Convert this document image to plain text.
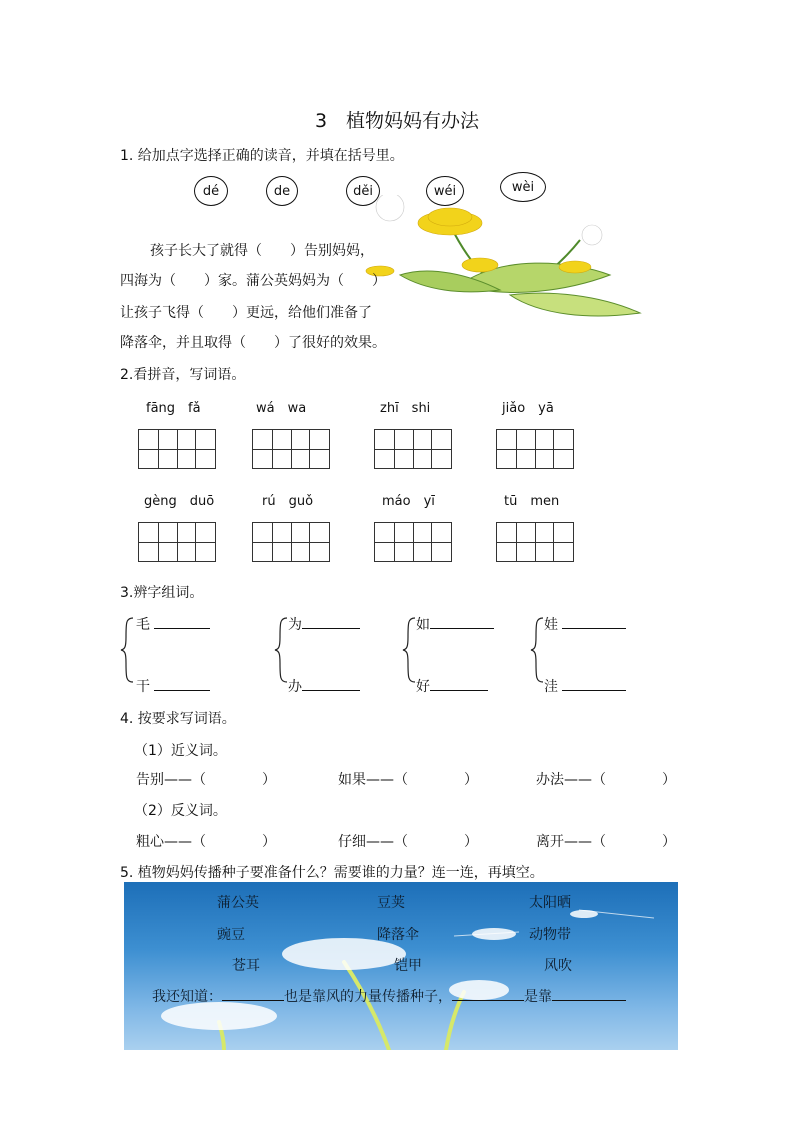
3　植物妈妈有办法
1. 给加点字选择正确的读音，并填在括号里。
dé	de	děi	wéi	wèi
孩子长大了就得（　　）告别妈妈，
四海为（　　）家。蒲公英妈妈为（　　）
让孩子飞得（　　）更远，给他们准备了
降落伞，并且取得（　　）了很好的效果。
2.看拼音，写词语。
fāng　fǎ	wá　wa	zhī　shi	jiǎo　yā
gèng　duō	rú　guǒ	máo　yī	tū　men
3.辨字组词。
毛
干
为
办
如
好
娃
洼
4. 按要求写词语。
（1）近义词。
告别——（　　　　）	如果——（　　　　）	办法——（　　　　）
（2）反义词。
粗心——（　　　　）	仔细——（　　　　）	离开——（　　　　）
5. 植物妈妈传播种子要准备什么？需要谁的力量？连一连，再填空。
蒲公英
豌豆
苍耳
豆荚
降落伞
铠甲
太阳晒
动物带
风吹
我还知道：	也是靠风的力量传播种子，	是靠
